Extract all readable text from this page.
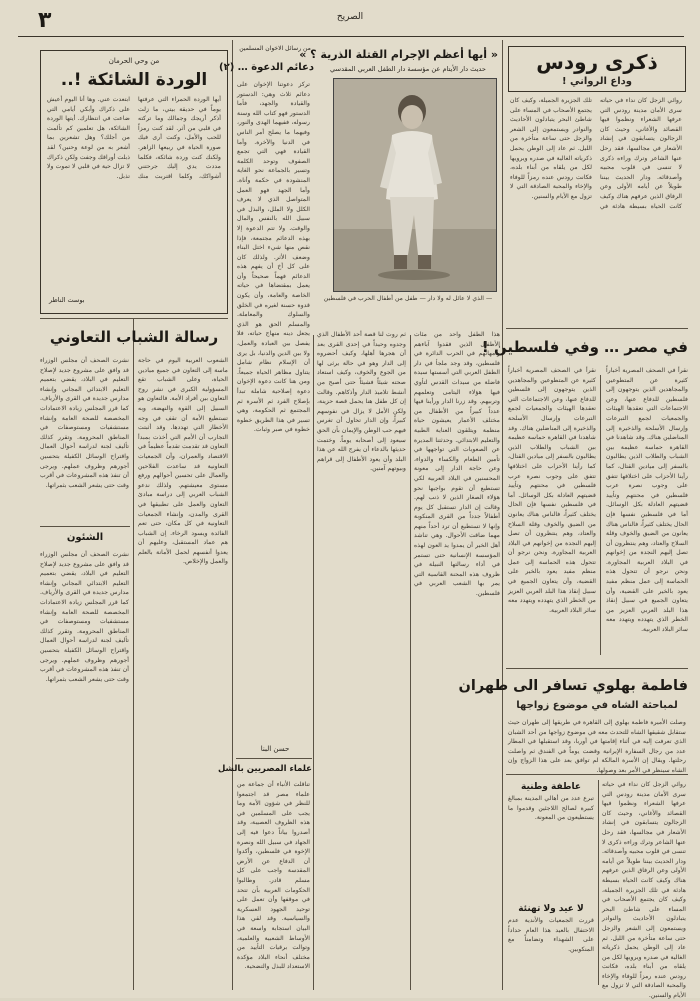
٣	الصريح
ذكرى رودس
وداع الرواني !
روائي الزجل كان نداء في حياته سرى الأمان مدينة رودس التي عرفها الشعراء ونظموا فيها القصائد والأغاني، وحيث كان الزجالون يتسابقون في إنشاد الأشعار في مجالسها، فقد رحل عنها الشاعر وترك وراءه ذكرى لا تنسى في قلوب محبيه وأصدقائه. ودار الحديث بيننا طويلاً عن أيامه الأولى وعن الرفاق الذين عرفهم هناك وكيف كانت الحياة بسيطة هادئة في تلك الجزيرة الجميلة، وكيف كان يجتمع الأصحاب في المساء على شاطئ البحر يتبادلون الأحاديث والنوادر ويستمعون إلى الشعر والزجل حتى ساعة متأخرة من الليل. ثم عاد إلى الوطن يحمل ذكرياته الغالية في صدره ويرويها لكل من يلقاه من أبناء بلده، فكانت رودس عنده رمزاً للوفاء والإخاء والمحبة الصادقة التي لا تزول مع الأيام والسنين.
في مصر … وفي فلسطين !
نقرأ في الصحف المصرية أخباراً كثيرة عن المتطوعين والمجاهدين الذين يتوجهون إلى فلسطين للدفاع عنها، وعن الاجتماعات التي تعقدها الهيئات والجمعيات لجمع التبرعات وإرسال الأسلحة والذخيرة إلى المناضلين هناك. وقد شاهدنا في القاهرة حماسة عظيمة بين الشباب والطلاب الذين يطالبون بالسفر إلى ميادين القتال، كما رأينا الأحزاب على اختلافها تتفق على وجوب نصرة عرب فلسطين في محنتهم وتأييد قضيتهم العادلة بكل الوسائل. أما في فلسطين نفسها فإن الحال يختلف كثيراً، فالناس هناك يعانون من الضيق والخوف وقلة السلاح والعتاد، وهم ينتظرون أن تصل إليهم النجدة من إخوانهم في البلاد العربية المجاورة. ونحن نرجو أن تتحول هذه الحماسة إلى عمل منظم مفيد يعود بالخير على القضية، وأن يتعاون الجميع في سبيل إنقاذ هذا البلد العربي العزيز من الخطر الذي يتهدده ويتهدد معه سائر البلاد العربية.
نقرأ في الصحف المصرية أخباراً كثيرة عن المتطوعين والمجاهدين الذين يتوجهون إلى فلسطين للدفاع عنها، وعن الاجتماعات التي تعقدها الهيئات والجمعيات لجمع التبرعات وإرسال الأسلحة والذخيرة إلى المناضلين هناك. وقد شاهدنا في القاهرة حماسة عظيمة بين الشباب والطلاب الذين يطالبون بالسفر إلى ميادين القتال، كما رأينا الأحزاب على اختلافها تتفق على وجوب نصرة عرب فلسطين في محنتهم وتأييد قضيتهم العادلة بكل الوسائل. أما في فلسطين نفسها فإن الحال يختلف كثيراً، فالناس هناك يعانون من الضيق والخوف وقلة السلاح والعتاد، وهم ينتظرون أن تصل إليهم النجدة من إخوانهم في البلاد العربية المجاورة. ونحن نرجو أن تتحول هذه الحماسة إلى عمل منظم مفيد يعود بالخير على القضية، وأن يتعاون الجميع في سبيل إنقاذ هذا البلد العربي العزيز من الخطر الذي يتهدده ويتهدد معه سائر البلاد العربية.
فاطمة بهلوي تسافر الى طهران
لمباحثة الشاه في موضوع زواجها
وصلت الأميرة فاطمة بهلوي إلى القاهرة في طريقها إلى طهران حيث ستقابل شقيقها الشاه للتحدث معه في موضوع زواجها من أحد الشبان الذي تعرفت إليه في أثناء إقامتها في أوربا، وقد استقبلها في المطار عدد من رجال السفارة الإيرانية وقضت يوماً في الفندق ثم واصلت رحلتها. ويقال إن الأسرة المالكة لم توافق بعد على هذا الزواج وإن الشاه سينظر في الأمر بعد وصولها.
عاطفة وطنية
تبرع عدد من أهالي المدينة بمبالغ كبيرة لصالح اللاجئين وقدموا ما يستطيعون من المعونة.
لا عيد ولا تهنئة
قررت الجمعيات والأندية عدم الاحتفال بالعيد هذا العام حداداً على الشهداء وتضامناً مع المنكوبين.
روائي الزجل كان نداء في حياته سرى الأمان مدينة رودس التي عرفها الشعراء ونظموا فيها القصائد والأغاني، وحيث كان الزجالون يتسابقون في إنشاد الأشعار في مجالسها، فقد رحل عنها الشاعر وترك وراءه ذكرى لا تنسى في قلوب محبيه وأصدقائه. ودار الحديث بيننا طويلاً عن أيامه الأولى وعن الرفاق الذين عرفهم هناك وكيف كانت الحياة بسيطة هادئة في تلك الجزيرة الجميلة، وكيف كان يجتمع الأصحاب في المساء على شاطئ البحر يتبادلون الأحاديث والنوادر ويستمعون إلى الشعر والزجل حتى ساعة متأخرة من الليل. ثم عاد إلى الوطن يحمل ذكرياته الغالية في صدره ويرويها لكل من يلقاه من أبناء بلده، فكانت رودس عنده رمزاً للوفاء والإخاء والمحبة الصادقة التي لا تزول مع الأيام والسنين.
« أيها أعظم الإجرام القتلة الذرية ؟ »
حديث دار الأيتام عن مؤسسة دار الطفل العربي المقدسي
— الذي لا عائل له ولا دار — طفل من أطفال الحرب في فلسطين
هذا الطفل واحد من مئات الأطفال الذين فقدوا آباءهم وأمهاتهم في الحرب الدائرة في فلسطين، وقد وجد ملجأ في دار الطفل العربي التي أسستها سيدة فاضلة من سيدات القدس لتأوي فيها هؤلاء اليتامى وتعلمهم وتربيهم. وقد زرنا الدار ورأينا فيها عدداً كبيراً من الأطفال من مختلف الأعمار يعيشون حياة منظمة ويتلقون العناية الطبية والتعليم الابتدائي. وحدثتنا المديرة عن الصعوبات التي تواجهها في تأمين الطعام والكساء والدواء، وعن حاجة الدار إلى معونة المحسنين في البلاد العربية لكي تستطيع أن تقوم بواجبها نحو هؤلاء الصغار الذين لا ذنب لهم. وقالت إن الدار تستقبل كل يوم أطفالاً جدداً من القرى المنكوبة وإنها لا تستطيع أن ترد أحداً منهم مهما ضاقت الأحوال. وهي تناشد أهل الخير أن يمدوا يد العون لهذه المؤسسة الإنسانية حتى تستمر في أداء رسالتها النبيلة في ظروف هذه المحنة القاسية التي يمر بها الشعب العربي في فلسطين.
ثم روت لنا قصة أحد الأطفال الذي وجدوه وحيداً في إحدى القرى بعد أن هجرها أهلها، وكيف أحضروه إلى الدار وهو في حالة يرثى لها من الجوع والخوف، وكيف استعاد صحته شيئاً فشيئاً حتى أصبح من أنشط تلاميذ الدار وأذكاهم. وقالت إن كل طفل هنا يحمل قصة حزينة، ولكن الأمل لا يزال في نفوسهم كبيراً، وإن الدار تحاول أن تغرس فيهم حب الوطن والإيمان بأن الحق سيعود إلى أصحابه يوماً. وختمت حديثها بالدعاء أن يفرج الله عن هذا البلد وأن يعود الأطفال إلى قراهم وبيوتهم آمنين.
من رسائل الاخوان المسلمين
دعائم الدعوة … (٢)
تركز دعوتنا الإخوان على دعائم ثلاث وهي: الدستور والقيادة والجهد، فأما الدستور فهو كتاب الله وسنة رسوله، ففيهما الهدى والنور، وفيهما ما يصلح أمر الناس في الدنيا والآخرة. وأما القيادة فهي التي تجمع الصفوف وتوحد الكلمة وتسير بالجماعة نحو الغاية المنشودة في حكمة وأناة. وأما الجهد فهو العمل المتواصل الذي لا يعرف الكلل ولا الملل، والبذل في سبيل الله بالنفس والمال والوقت. ولا تتم الدعوة إلا بهذه الدعائم مجتمعة، فإذا نقص منها شيء اختل البناء وضعف الأثر. ولذلك كان على كل أخ أن يفهم هذه الدعائم فهماً صحيحاً وأن يعمل بمقتضاها في حياته الخاصة والعامة، وأن يكون قدوة حسنة لغيره في الخلق والسلوك والمعاملة. والمسلم الحق هو الذي يجعل دينه منهاج حياته، فلا يفصل بين العبادة والعمل، ولا بين الدين والدنيا، بل يرى أن الإسلام نظام شامل يتناول مظاهر الحياة جميعاً. ومن هنا كانت دعوة الإخوان دعوة إصلاحية شاملة تبدأ بإصلاح الفرد ثم الأسرة ثم المجتمع ثم الحكومة، وهي تسير في هذا الطريق خطوة خطوة في صبر وثبات.
حسن البنا
علماء المصريين بالشل
تناقلت الأنباء أن جماعة من علماء مصر قد اجتمعوا للنظر في شؤون الأمة وما يجب على المسلمين في هذه الظروف العصيبة، وقد أصدروا بياناً دعوا فيه إلى الجهاد في سبيل الله ونصرة الإخوة في فلسطين، وأكدوا أن الدفاع عن الأرض المقدسة واجب على كل مسلم قادر. وطالبوا الحكومات العربية بأن تتحد في موقفها وأن تعمل على توحيد الجهود العسكرية والسياسية. وقد لقي هذا البيان استجابة واسعة في الأوساط الشعبية والعلمية، وتوالت برقيات التأييد من مختلف أنحاء البلاد مؤكدة الاستعداد للبذل والتضحية.
من وحي الحرمان
الوردة الشائكة !..
أيها الوردة الحمراء التي عرفتها يوماً في حديقة بيتي، ما زلت أذكر أريجك وجمالك وما تركته في قلبي من أثر. لقد كنت رمزاً للحب والأمل، وكنت أرى فيك صورة الحياة في ربيعها الزاهر. ولكنك كنت وردة شائكة، فكلما مددت يدي إليك جرحتني أشواكك، وكلما اقتربت منك ابتعدت عني. وها أنا اليوم أعيش على ذكراك وأبكي أيامي التي ضاعت في انتظارك. أيتها الوردة الشائكة، هل تعلمين كم تألمت من أجلك؟ وهل تشعرين بما أشعر به من لوعة وحنين؟ لقد ذبلت أوراقك وجفت ولكن ذكراك لا تزال حية في قلبي لا تموت ولا تذبل.
بوست الناظر
رسالة الشباب التعاوني
الشعوب العربية اليوم في حاجة ماسة إلى التعاون في جميع ميادين الحياة، وعلى الشباب تقع المسؤولية الكبرى في نشر روح التعاون بين أفراد الأمة. فالتعاون هو السبيل إلى القوة والنهضة، وبه تستطيع الأمة أن تقف في وجه الأخطار التي تهددها. وقد أثبتت التجارب أن الأمم التي أخذت بمبدأ التعاون قد تقدمت تقدماً عظيماً في الاقتصاد والعمران، وأن الجمعيات التعاونية قد ساعدت الفلاحين والعمال على تحسين أحوالهم ورفع مستوى معيشتهم. ولذلك ندعو الشباب العربي إلى دراسة مبادئ التعاون والعمل على تطبيقها في القرى والمدن، وإنشاء الجمعيات التعاونية في كل مكان، حتى تعم الفائدة ويسود الرخاء. إن الشباب هم عماد المستقبل، وعليهم أن يعدوا أنفسهم لحمل الأمانة بالعلم والعمل والإخلاص.
نشرت الصحف أن مجلس الوزراء قد وافق على مشروع جديد لإصلاح التعليم في البلاد، يقضي بتعميم التعليم الابتدائي المجاني وإنشاء مدارس جديدة في القرى والأرياف. كما قرر المجلس زيادة الاعتمادات المخصصة للصحة العامة وإنشاء مستشفيات ومستوصفات في المناطق المحرومة. وتقرر كذلك تأليف لجنة لدراسة أحوال العمال واقتراح الوسائل الكفيلة بتحسين أجورهم وظروف عملهم. ويرجى أن تنفذ هذه المشروعات في أقرب وقت حتى يشعر الشعب بثمراتها.
الشئون
نشرت الصحف أن مجلس الوزراء قد وافق على مشروع جديد لإصلاح التعليم في البلاد، يقضي بتعميم التعليم الابتدائي المجاني وإنشاء مدارس جديدة في القرى والأرياف. كما قرر المجلس زيادة الاعتمادات المخصصة للصحة العامة وإنشاء مستشفيات ومستوصفات في المناطق المحرومة. وتقرر كذلك تأليف لجنة لدراسة أحوال العمال واقتراح الوسائل الكفيلة بتحسين أجورهم وظروف عملهم. ويرجى أن تنفذ هذه المشروعات في أقرب وقت حتى يشعر الشعب بثمراتها.
